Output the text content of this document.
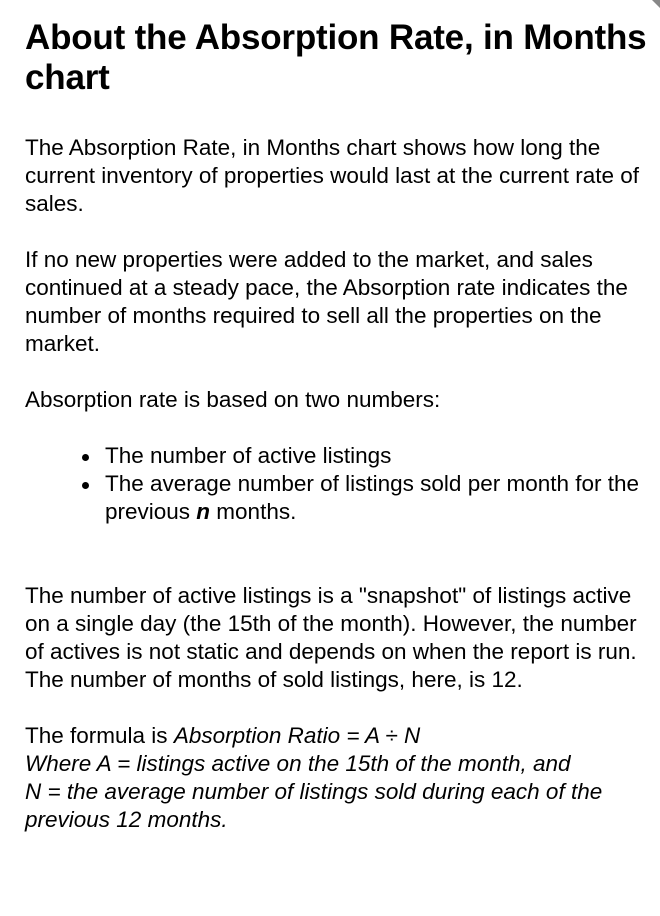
About the Absorption Rate, in Months chart

The Absorption Rate, in Months chart shows how long the current inventory of properties would last at the current rate of sales.

If no new properties were added to the market, and sales continued at a steady pace, the Absorption rate indicates the number of months required to sell all the properties on the market.

Absorption rate is based on two numbers:

The number of active listings
The average number of listings sold per month for the previous n months.

The number of active listings is a "snapshot" of listings active on a single day (the 15th of the month). However, the number of actives is not static and depends on when the report is run. The number of months of sold listings, here, is 12.

The formula is Absorption Ratio = A ÷ N
Where A = listings active on the 15th of the month, and
N = the average number of listings sold during each of the previous 12 months.
